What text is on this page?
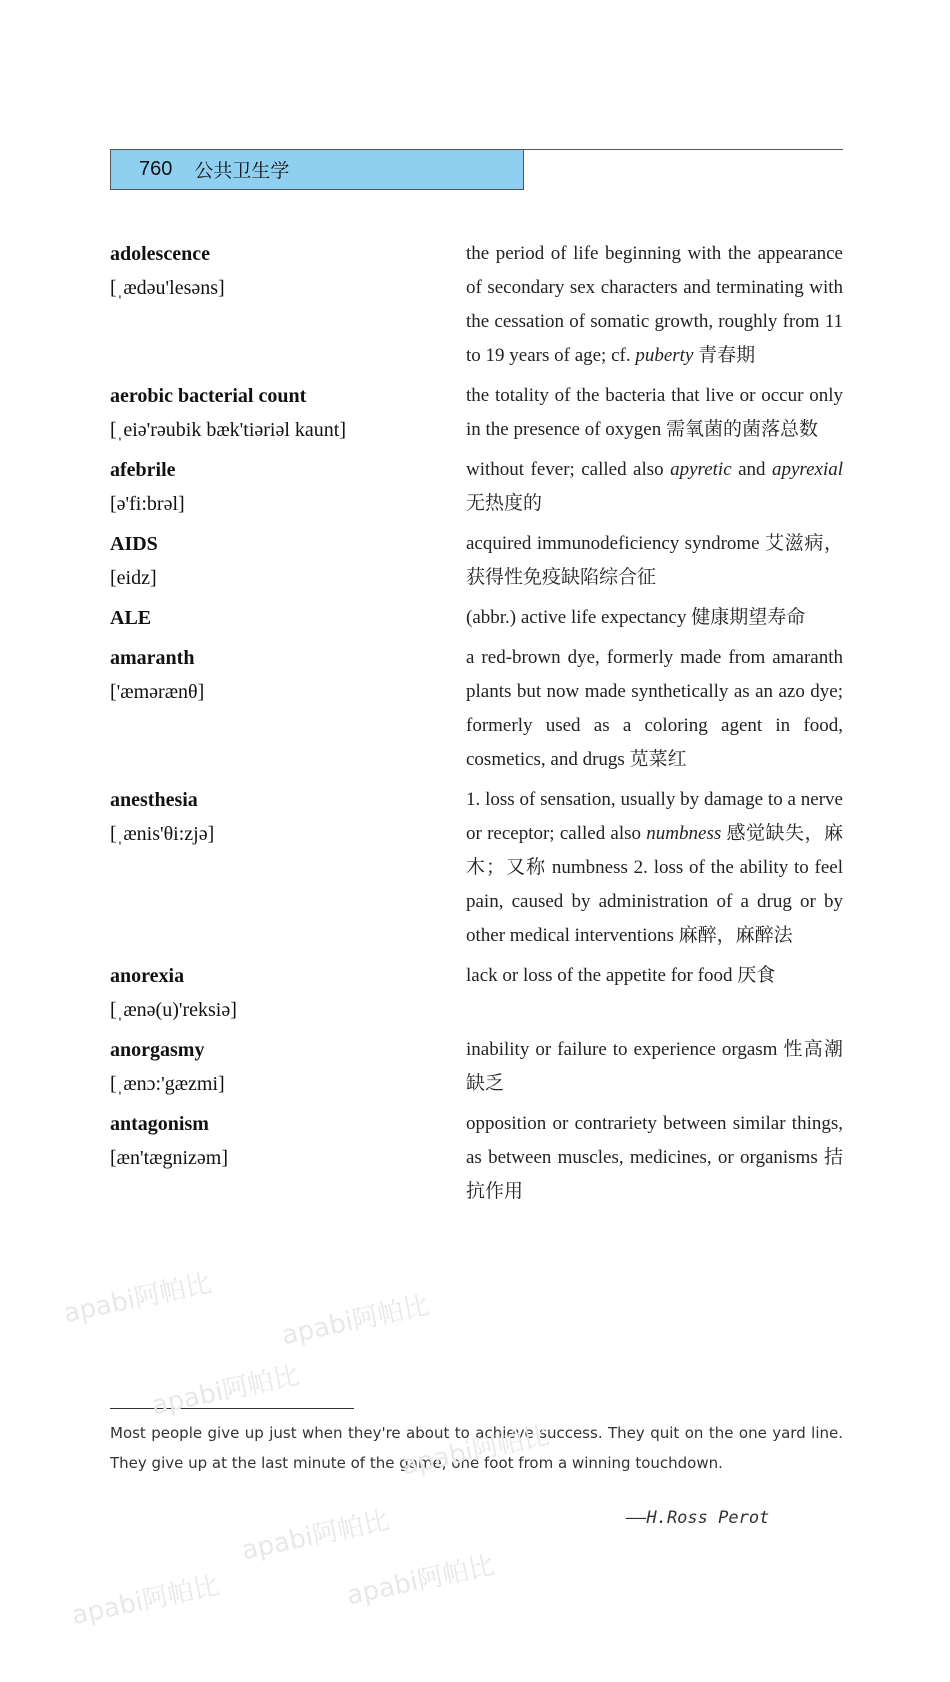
760 公共卫生学
adolescence
[ˌædəu'lesəns]
the period of life beginning with the appearance of secondary sex characters and terminating with the cessation of somatic growth, roughly from 11 to 19 years of age; cf. puberty 青春期
aerobic bacterial count
[ˌeiə'rəubik bæk'tiəriəl kaunt]
the totality of the bacteria that live or occur only in the presence of oxygen 需氧菌的菌落总数
afebrile
[ə'fi:brəl]
without fever; called also apyretic and apyrexial 无热度的
AIDS
[eidz]
acquired immunodeficiency syndrome 艾滋病，获得性免疫缺陷综合征
ALE	(abbr.) active life expectancy 健康期望寿命
amaranth
['æmərænθ]
a red-brown dye, formerly made from amaranth plants but now made synthetically as an azo dye; formerly used as a coloring agent in food, cosmetics, and drugs 苋菜红
anesthesia
[ˌænis'θi:zjə]
1. loss of sensation, usually by damage to a nerve or receptor; called also numbness 感觉缺失，麻木；又称 numbness 2. loss of the ability to feel pain, caused by administration of a drug or by other medical interventions 麻醉，麻醉法
anorexia
[ˌænə(u)'reksiə]
lack or loss of the appetite for food 厌食
anorgasmy
[ˌænɔ:'gæzmi]
inability or failure to experience orgasm 性高潮缺乏
antagonism
[æn'tægnizəm]
opposition or contrariety between similar things, as between muscles, medicines, or organisms 拮抗作用
Most people give up just when they're about to achieve success. They quit on the one yard line. They give up at the last minute of the game, one foot from a winning touchdown.
——H.Ross Perot
apabi阿帕比 apabi阿帕比
apabi阿帕比
apabi阿帕比
apabi阿帕比
apabi阿帕比	apabi阿帕比
